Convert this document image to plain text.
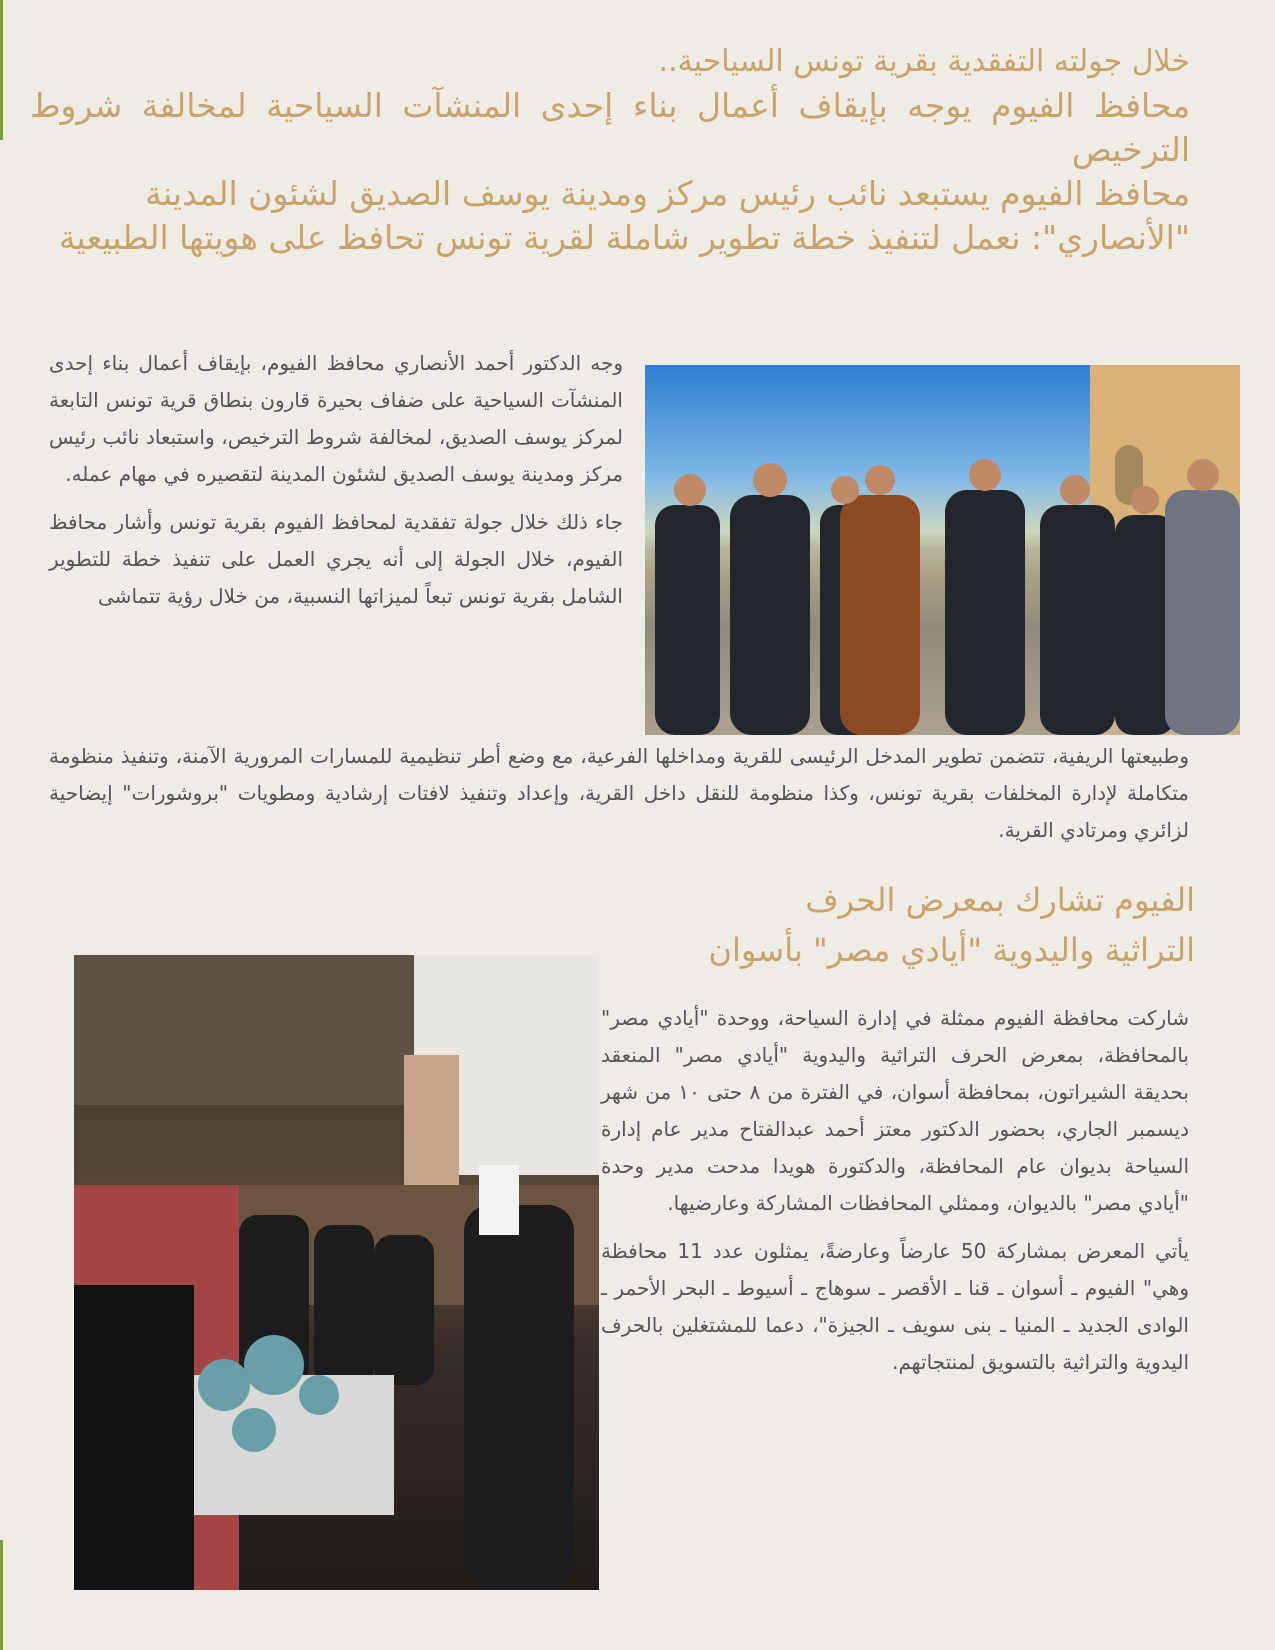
خلال جولته التفقدية بقرية تونس السياحية..
محافظ الفيوم يوجه بإيقاف أعمال بناء إحدى المنشآت السياحية لمخالفة شروط الترخيص
محافظ الفيوم يستبعد نائب رئيس مركز ومدينة يوسف الصديق لشئون المدينة
"الأنصاري": نعمل لتنفيذ خطة تطوير شاملة لقرية تونس تحافظ على هويتها الطبيعية

وجه الدكتور أحمد الأنصاري محافظ الفيوم، بإيقاف أعمال بناء إحدى المنشآت السياحية على ضفاف بحيرة قارون بنطاق قرية تونس التابعة لمركز يوسف الصديق، لمخالفة شروط الترخيص، واستبعاد نائب رئيس مركز ومدينة يوسف الصديق لشئون المدينة لتقصيره في مهام عمله.

جاء ذلك خلال جولة تفقدية لمحافظ الفيوم بقرية تونس وأشار محافظ الفيوم، خلال الجولة إلى أنه يجري العمل على تنفيذ خطة للتطوير الشامل بقرية تونس تبعاً لميزاتها النسبية، من خلال رؤية تتماشى

وطبيعتها الريفية، تتضمن تطوير المدخل الرئيسى للقرية ومداخلها الفرعية، مع وضع أطر تنظيمية للمسارات المرورية الآمنة، وتنفيذ منظومة متكاملة لإدارة المخلفات بقرية تونس، وكذا منظومة للنقل داخل القرية، وإعداد وتنفيذ لافتات إرشادية ومطويات "بروشورات" إيضاحية لزائري ومرتادي القرية.

الفيوم تشارك بمعرض الحرف
التراثية واليدوية "أيادي مصر" بأسوان

شاركت محافظة الفيوم ممثلة في إدارة السياحة، ووحدة "أيادي مصر" بالمحافظة، بمعرض الحرف التراثية واليدوية "أيادي مصر" المنعقد بحديقة الشيراتون، بمحافظة أسوان، في الفترة من ٨ حتى ١٠ من شهر ديسمبر الجاري، بحضور الدكتور معتز أحمد عبدالفتاح مدير عام إدارة السياحة بديوان عام المحافظة، والدكتورة هويدا مدحت مدير وحدة "أيادي مصر" بالديوان، وممثلي المحافظات المشاركة وعارضيها.

يأتي المعرض بمشاركة 50 عارضاً وعارضةً، يمثلون عدد 11 محافظة وهي" الفيوم ـ أسوان ـ قنا ـ الأقصر ـ سوهاج ـ أسيوط ـ البحر الأحمر ـ الوادى الجديد ـ المنيا ـ بنى سويف ـ الجيزة"، دعما للمشتغلين بالحرف اليدوية والتراثية بالتسويق لمنتجاتهم.
